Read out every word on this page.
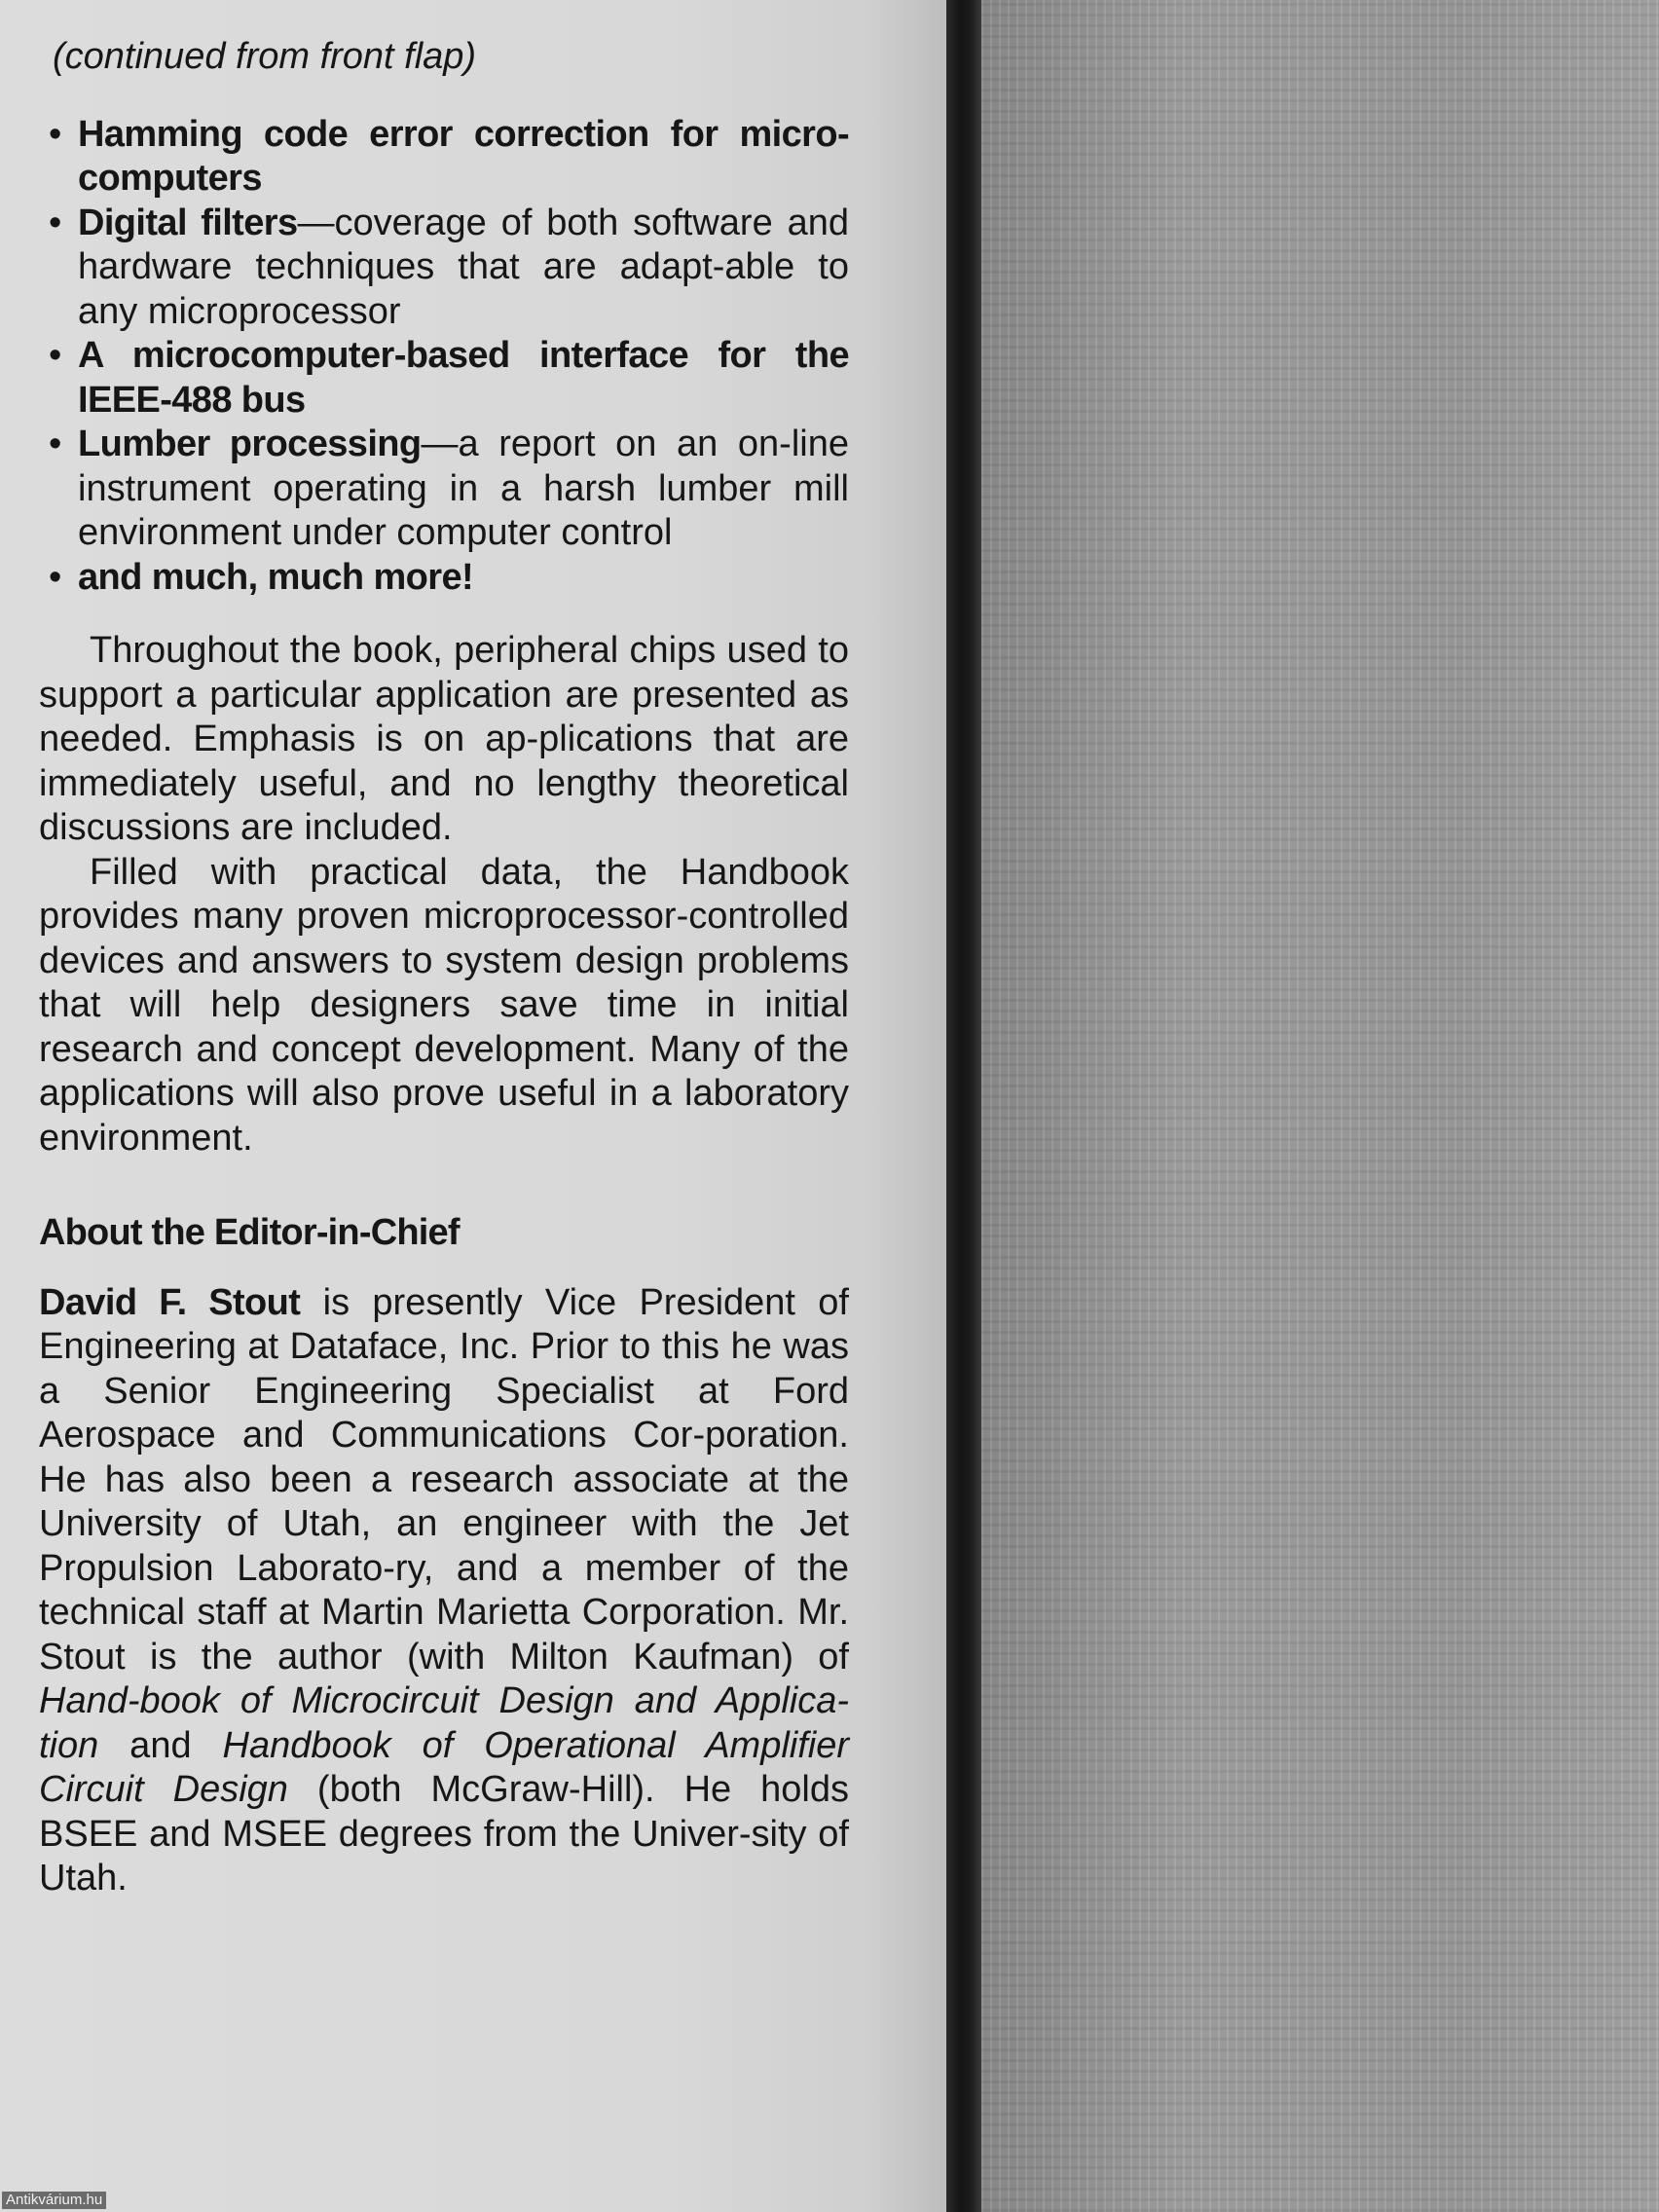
(continued from front flap)
• Hamming code error correction for micro-computers
• Digital filters—coverage of both software and hardware techniques that are adapt-able to any microprocessor
• A microcomputer-based interface for the IEEE-488 bus
• Lumber processing—a report on an on-line instrument operating in a harsh lumber mill environment under computer control
• and much, much more!

Throughout the book, peripheral chips used to support a particular application are presented as needed. Emphasis is on ap-plications that are immediately useful, and no lengthy theoretical discussions are included.

Filled with practical data, the Handbook provides many proven microprocessor-controlled devices and answers to system design problems that will help designers save time in initial research and concept development. Many of the applications will also prove useful in a laboratory environment.

About the Editor-in-Chief

David F. Stout is presently Vice President of Engineering at Dataface, Inc. Prior to this he was a Senior Engineering Specialist at Ford Aerospace and Communications Cor-poration. He has also been a research associate at the University of Utah, an engineer with the Jet Propulsion Laborato-ry, and a member of the technical staff at Martin Marietta Corporation. Mr. Stout is the author (with Milton Kaufman) of Hand-book of Microcircuit Design and Applica-tion and Handbook of Operational Amplifier Circuit Design (both McGraw-Hill). He holds BSEE and MSEE degrees from the Univer-sity of Utah.

Antikvárium.hu
